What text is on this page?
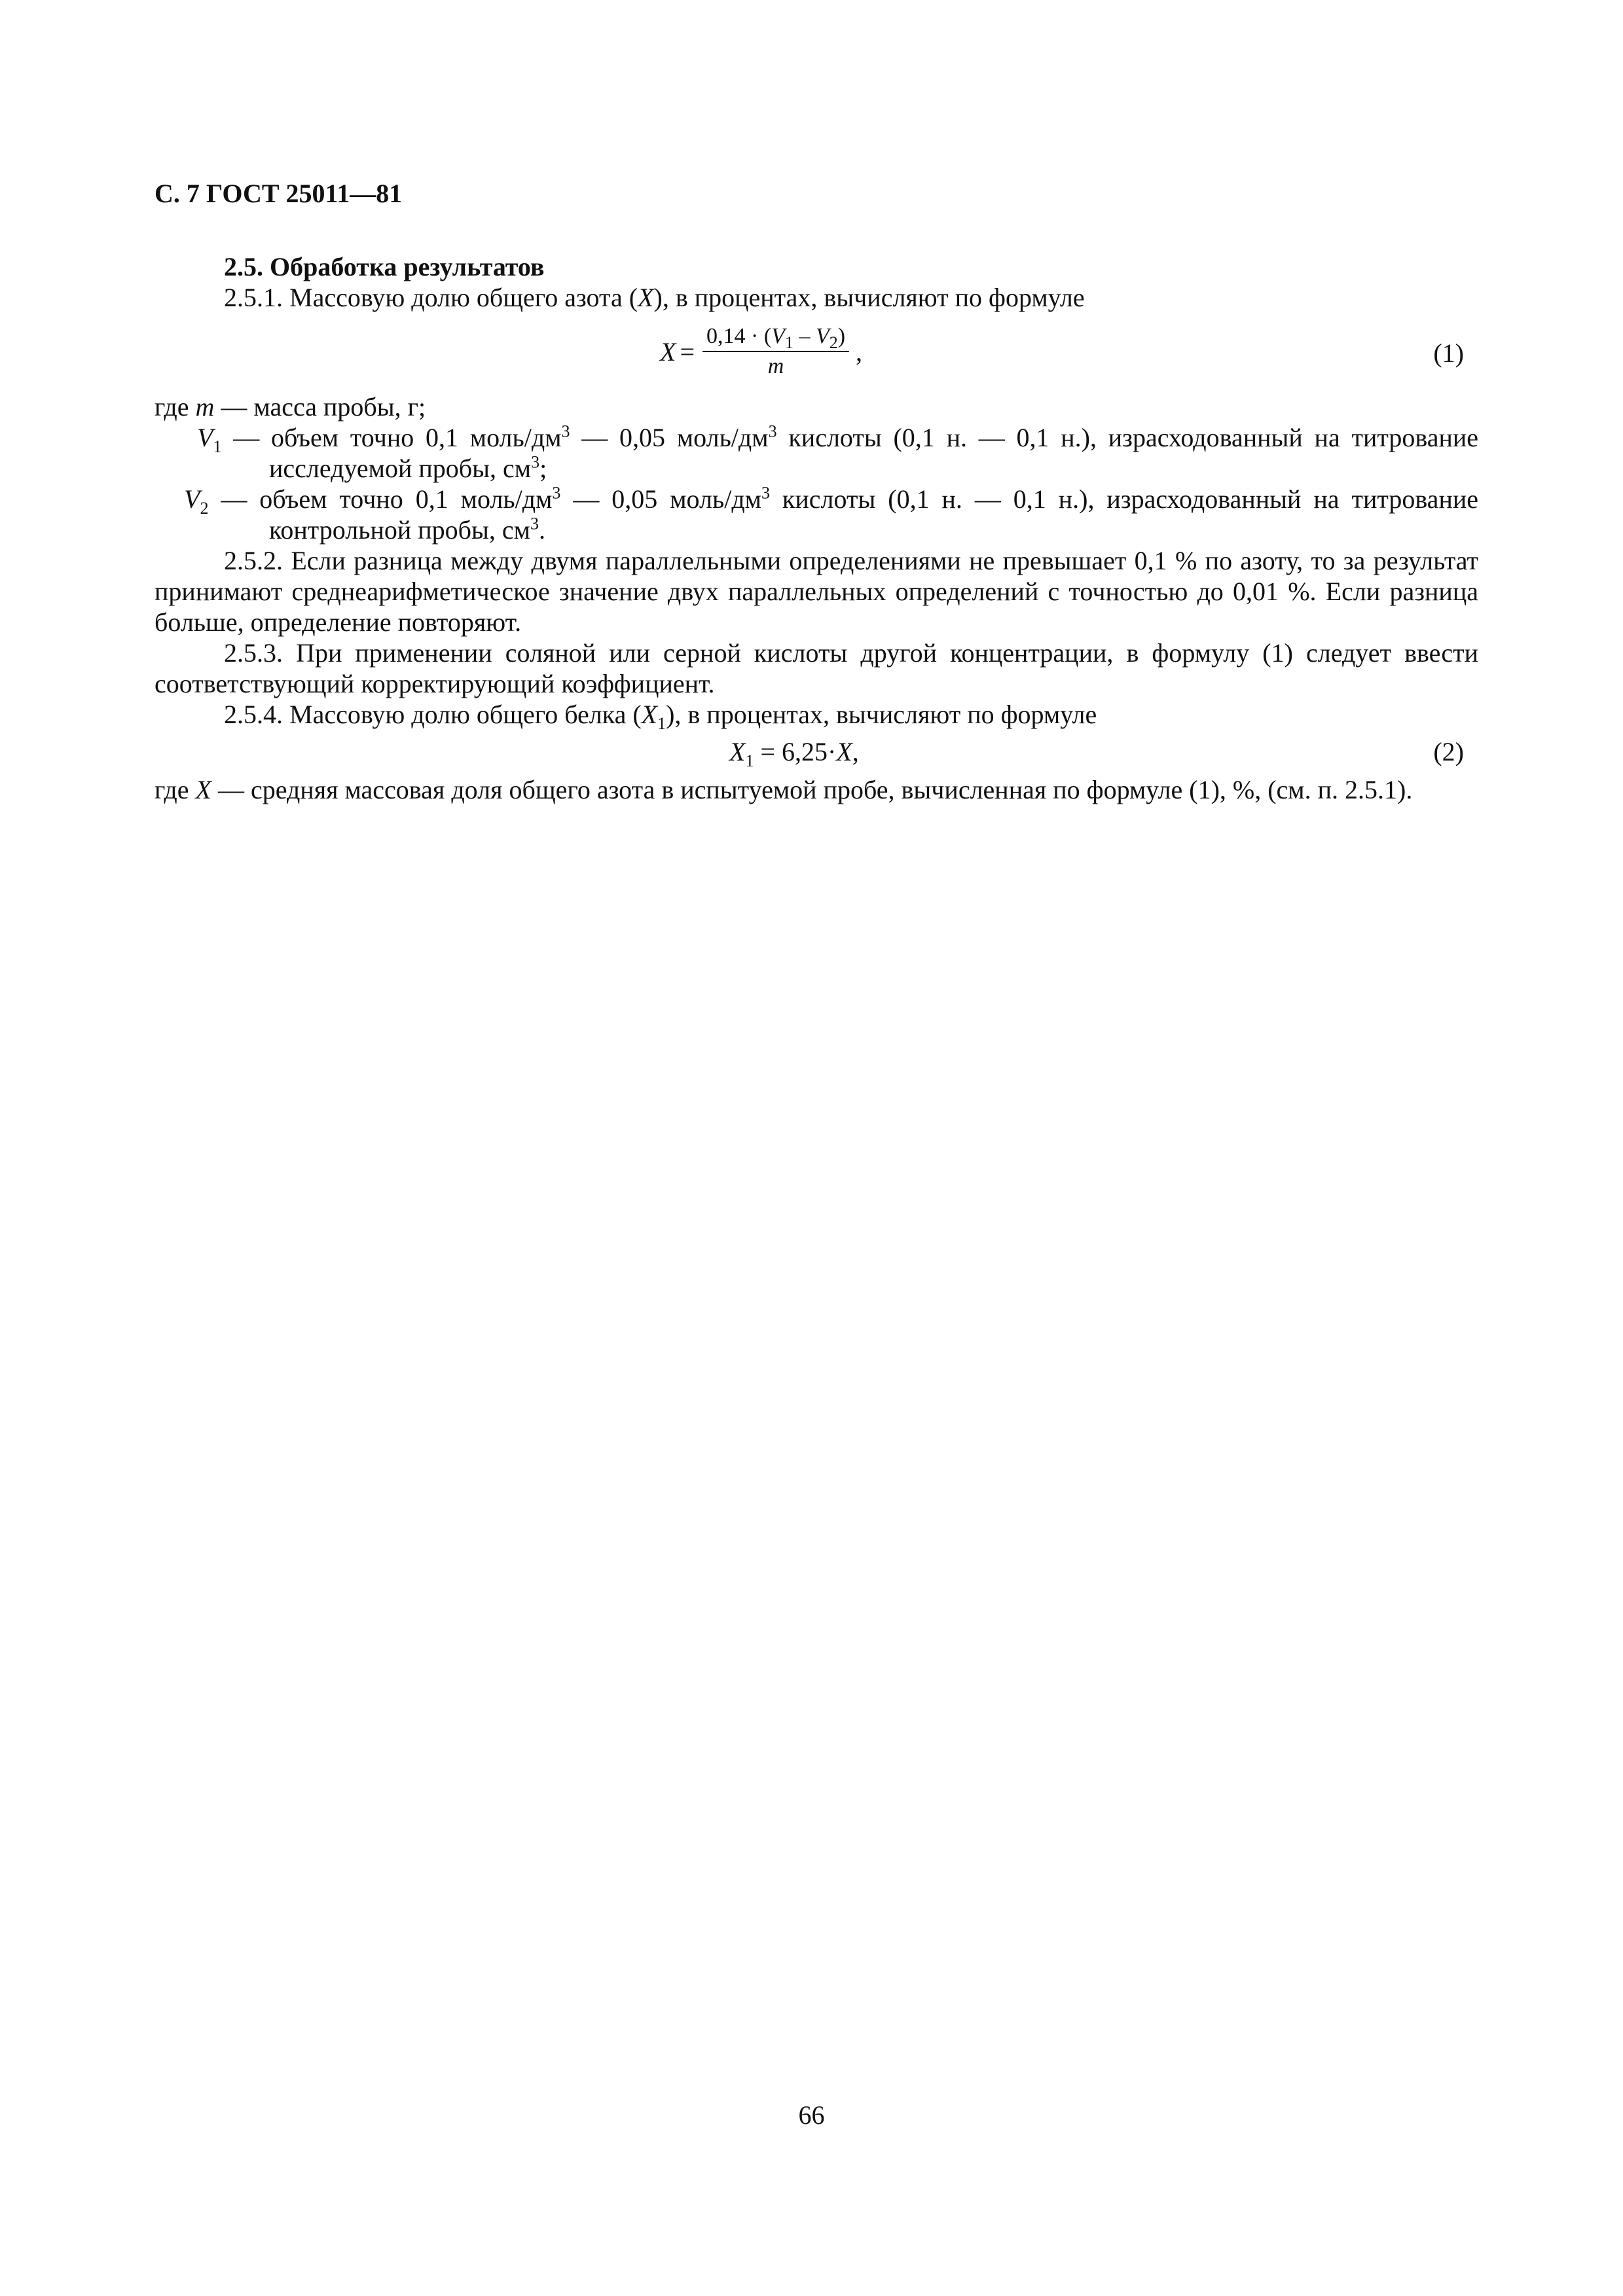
С. 7 ГОСТ 25011—81
2.5. Обработка результатов
2.5.1. Массовую долю общего азота (X), в процентах, вычисляют по формуле
$X = \frac{0,14 \cdot (V_1 - V_2)}{m}$ ,	(1)
где m — масса пробы, г;
$V_1$ — объем точно 0,1 моль/$дм^3$ — 0,05 моль/$дм^3$ кислоты (0,1 н. — 0,1 н.), израсходованный на титрование исследуемой пробы, $см^3$;
$V_2$ — объем точно 0,1 моль/$дм^3$ — 0,05 моль/$дм^3$ кислоты (0,1 н. — 0,1 н.), израсходованный на титрование контрольной пробы, $см^3$.
2.5.2. Если разница между двумя параллельными определениями не превышает 0,1 % по азоту, то за результат принимают среднеарифметическое значение двух параллельных определений с точностью до 0,01 %. Если разница больше, определение повторяют.
2.5.3. При применении соляной или серной кислоты другой концентрации, в формулу (1) следует ввести соответствующий корректирующий коэффициент.
2.5.4. Массовую долю общего белка $(X_1)$, в процентах, вычисляют по формуле
$X_1 = 6,25\cdot X$,	(2)
где X — средняя массовая доля общего азота в испытуемой пробе, вычисленная по формуле (1), %, (см. п. 2.5.1).
66
